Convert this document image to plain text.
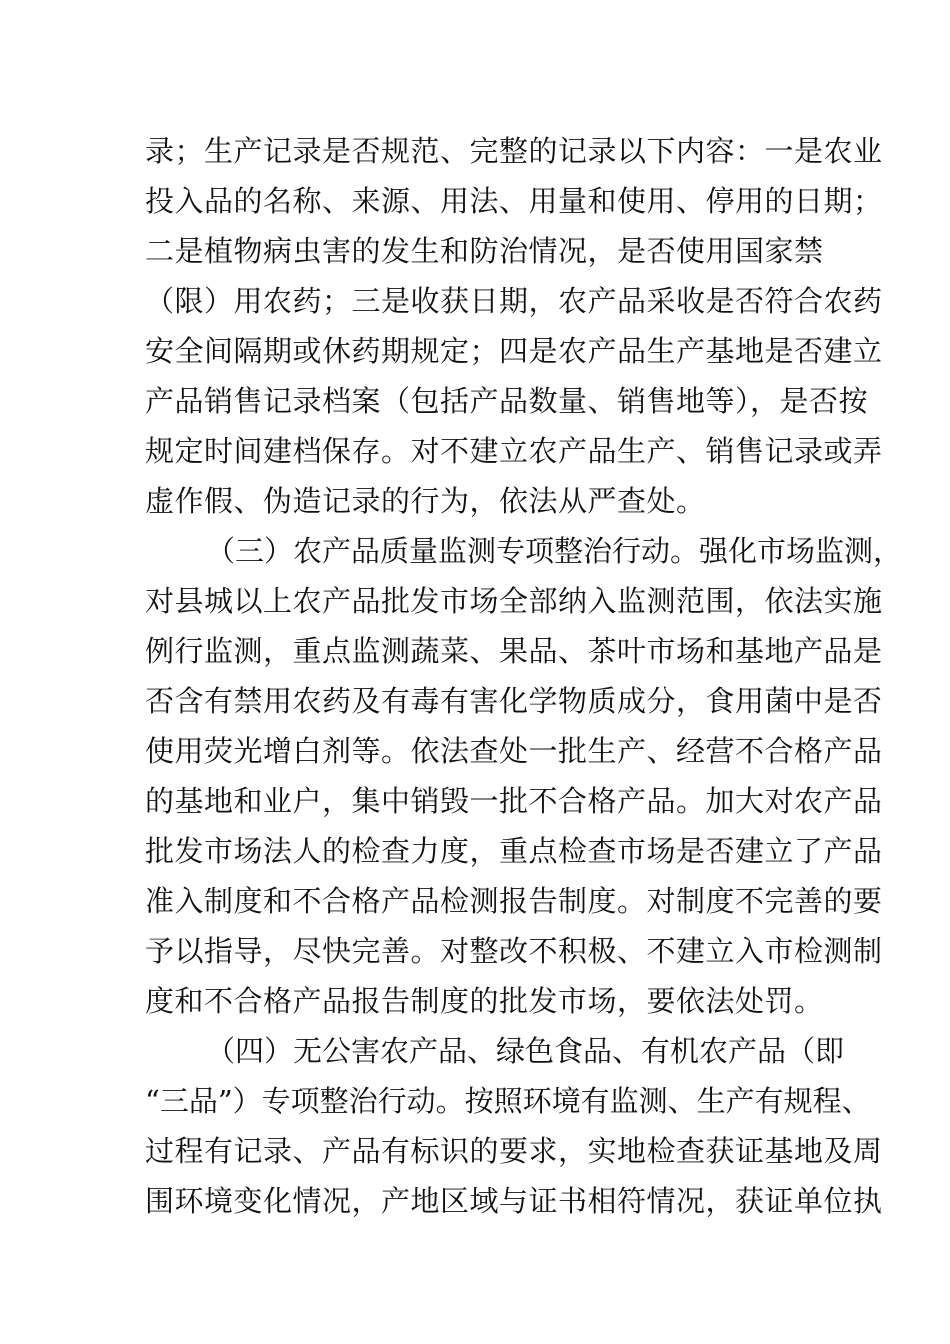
录；生产记录是否规范、完整的记录以下内容：一是农业
投入品的名称、来源、用法、用量和使用、停用的日期；
二是植物病虫害的发生和防治情况，是否使用国家禁
（限）用农药；三是收获日期，农产品采收是否符合农药
安全间隔期或休药期规定；四是农产品生产基地是否建立
产品销售记录档案（包括产品数量、销售地等），是否按
规定时间建档保存。对不建立农产品生产、销售记录或弄
虚作假、伪造记录的行为，依法从严查处。
（三）农产品质量监测专项整治行动。强化市场监测，
对县城以上农产品批发市场全部纳入监测范围，依法实施
例行监测，重点监测蔬菜、果品、茶叶市场和基地产品是
否含有禁用农药及有毒有害化学物质成分，食用菌中是否
使用荧光增白剂等。依法查处一批生产、经营不合格产品
的基地和业户，集中销毁一批不合格产品。加大对农产品
批发市场法人的检查力度，重点检查市场是否建立了产品
准入制度和不合格产品检测报告制度。对制度不完善的要
予以指导，尽快完善。对整改不积极、不建立入市检测制
度和不合格产品报告制度的批发市场，要依法处罚。
（四）无公害农产品、绿色食品、有机农产品（即
“三品”）专项整治行动。按照环境有监测、生产有规程、
过程有记录、产品有标识的要求，实地检查获证基地及周
围环境变化情况，产地区域与证书相符情况，获证单位执
